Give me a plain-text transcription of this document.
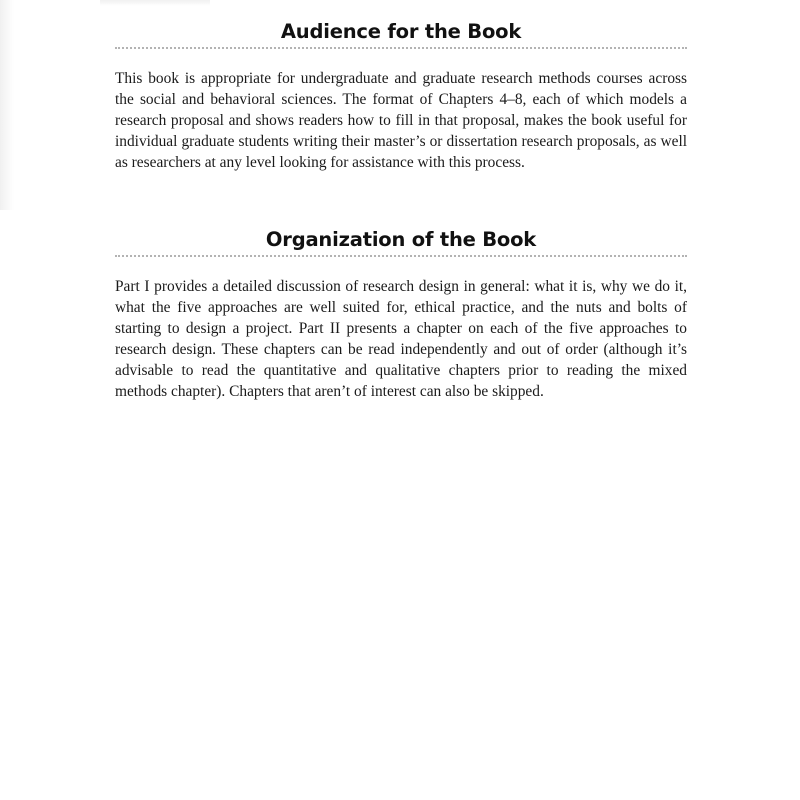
Audience for the Book

This book is appropriate for undergraduate and graduate research methods courses across the social and behavioral sciences. The format of Chapters 4–8, each of which models a research proposal and shows readers how to fill in that proposal, makes the book useful for individual graduate students writing their master’s or dissertation research proposals, as well as researchers at any level looking for assistance with this process.

Organization of the Book

Part I provides a detailed discussion of research design in general: what it is, why we do it, what the five approaches are well suited for, ethical practice, and the nuts and bolts of starting to design a project. Part II presents a chapter on each of the five approaches to research design. These chapters can be read independently and out of order (although it’s advisable to read the quantitative and qualitative chapters prior to reading the mixed methods chapter). Chapters that aren’t of interest can also be skipped.
